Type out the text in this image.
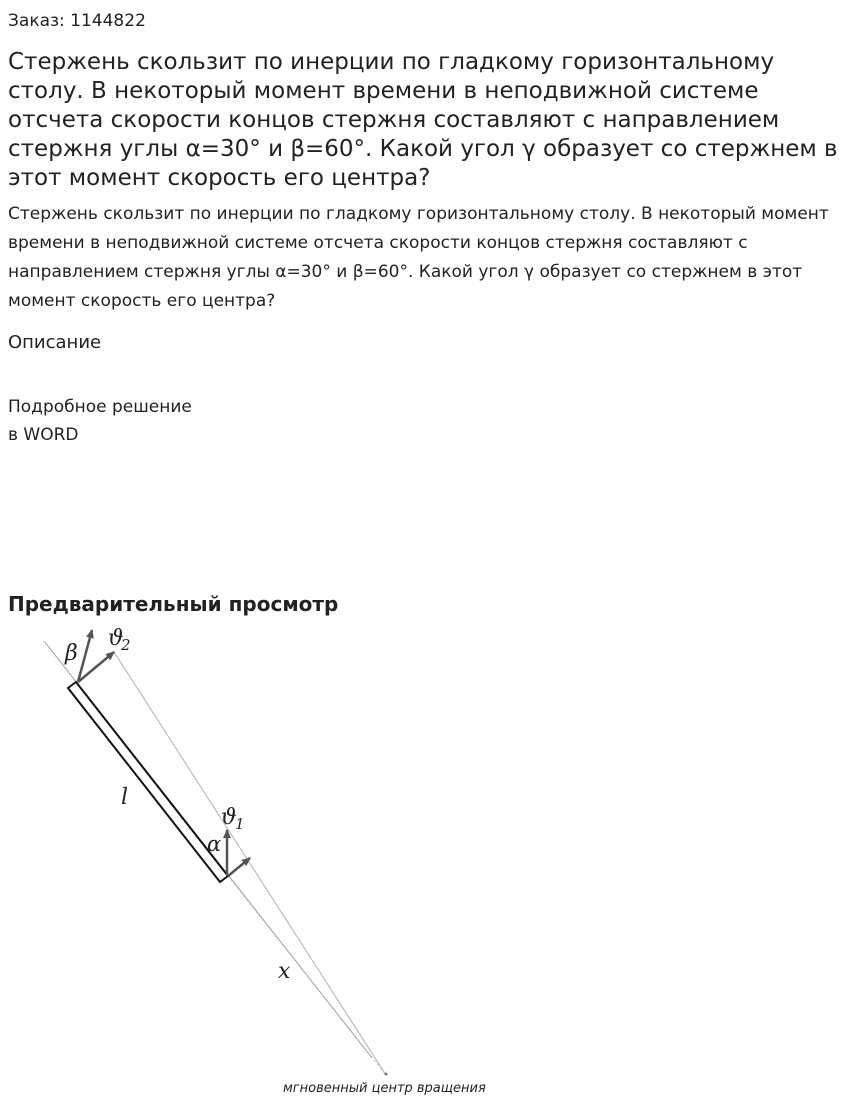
Заказ: 1144822
Стержень скользит по инерции по гладкому горизонтальному столу. В некоторый момент времени в неподвижной системе отсчета скорости концов стержня составляют с направлением стержня углы α=30° и β=60°. Какой угол γ образует со стержнем в этот момент скорость его центра?

Стержень скользит по инерции по гладкому горизонтальному столу. В некоторый момент времени в неподвижной системе отсчета скорости концов стержня составляют с направлением стержня углы α=30° и β=60°. Какой угол γ образует со стержнем в этот момент скорость его центра?

Описание
Подробное решение
в WORD
Предварительный просмотр
β
ϑ
2
l
ϑ
1
α
x
мгновенный центр вращения
